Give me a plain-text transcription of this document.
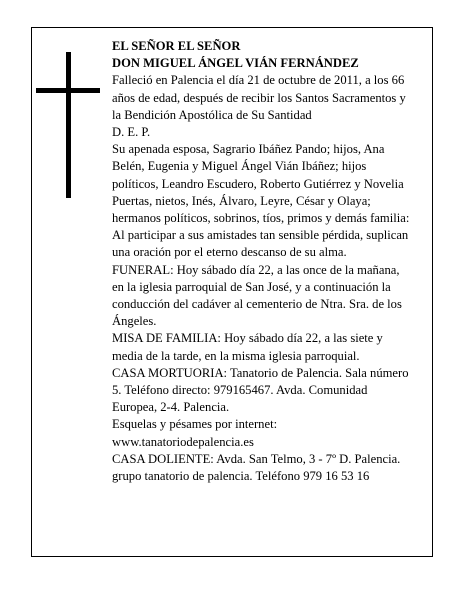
EL SEÑOR EL SEÑOR

DON MIGUEL ÁNGEL VIÁN FERNÁNDEZ

Falleció en Palencia el día 21 de octubre de 2011, a los 66 años de edad, después de recibir los Santos Sacramentos y la Bendición Apostólica de Su Santidad

D. E. P.

Su apenada esposa, Sagrario Ibáñez Pando; hijos, Ana Belén, Eugenia y Miguel Ángel Vián Ibáñez; hijos políticos, Leandro Escudero, Roberto Gutiérrez y Novelia Puertas, nietos, Inés, Álvaro, Leyre, César y Olaya; hermanos políticos, sobrinos, tíos, primos y demás familia:

Al participar a sus amistades tan sensible pérdida, suplican una oración por el eterno descanso de su alma.

FUNERAL: Hoy sábado día 22, a las once de la mañana, en la iglesia parroquial de San José, y a continuación la conducción del cadáver al cementerio de Ntra. Sra. de los Ángeles.

MISA DE FAMILIA: Hoy sábado día 22, a las siete y media de la tarde, en la misma iglesia parroquial.

CASA MORTUORIA: Tanatorio de Palencia. Sala número 5. Teléfono directo: 979165467. Avda. Comunidad Europea, 2-4. Palencia.

Esquelas y pésames por internet: www.tanatoriodepalencia.es

CASA DOLIENTE: Avda. San Telmo, 3 - 7º D. Palencia.

grupo tanatorio de palencia. Teléfono 979 16 53 16
